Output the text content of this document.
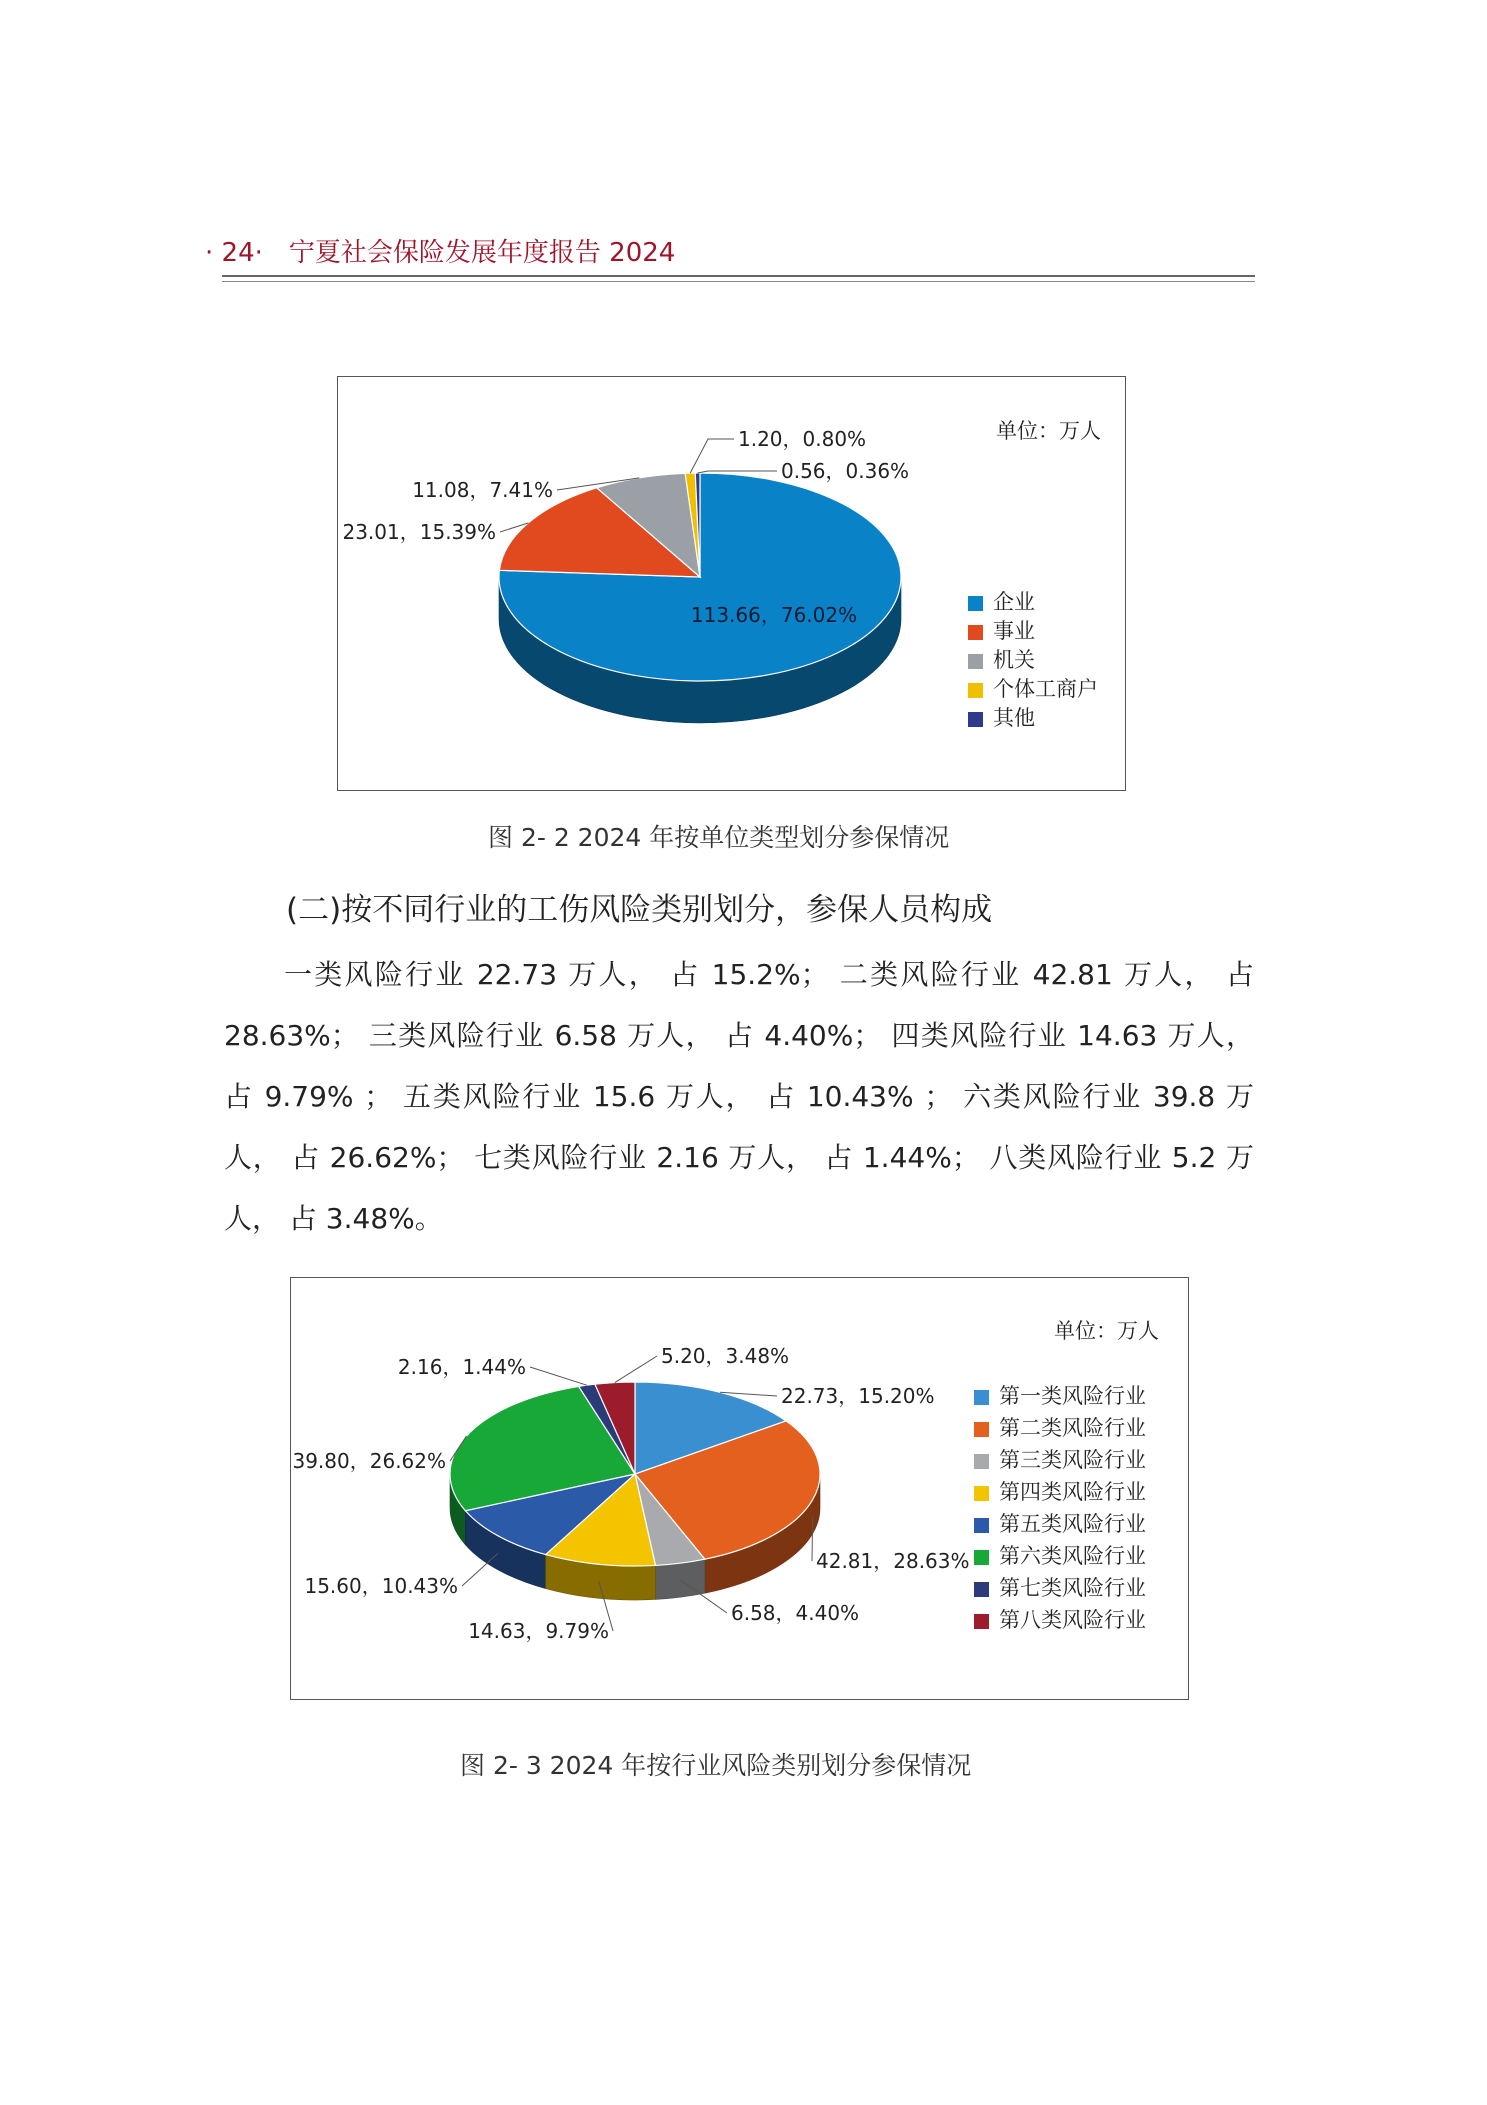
· 24· 宁夏社会保险发展年度报告 2024
113.66，76.02%
23.01，15.39%
11.08，7.41%
1.20，0.80%
0.56，0.36%
单位：万人
企业
事业
机关
个体工商户
其他
图 2- 2 2024 年按单位类型划分参保情况
(二)按不同行业的工伤风险类别划分，参保人员构成

一类风险行业 22.73 万人， 占 15.2%； 二类风险行业 42.81 万人， 占 28.63%； 三类风险行业 6.58 万人， 占 4.40%； 四类风险行业 14.63 万人， 占 9.79% ； 五类风险行业 15.6 万人， 占 10.43% ； 六类风险行业 39.8 万人， 占 26.62%； 七类风险行业 2.16 万人， 占 1.44%； 八类风险行业 5.2 万人， 占 3.48%。

22.73，15.20%
42.81，28.63%
6.58，4.40%
14.63，9.79%
15.60，10.43%
39.80，26.62%
2.16，1.44%	5.20，3.48%
单位：万人
第一类风险行业
第二类风险行业
第三类风险行业
第四类风险行业
第五类风险行业
第六类风险行业
第七类风险行业
第八类风险行业
图 2- 3 2024 年按行业风险类别划分参保情况
